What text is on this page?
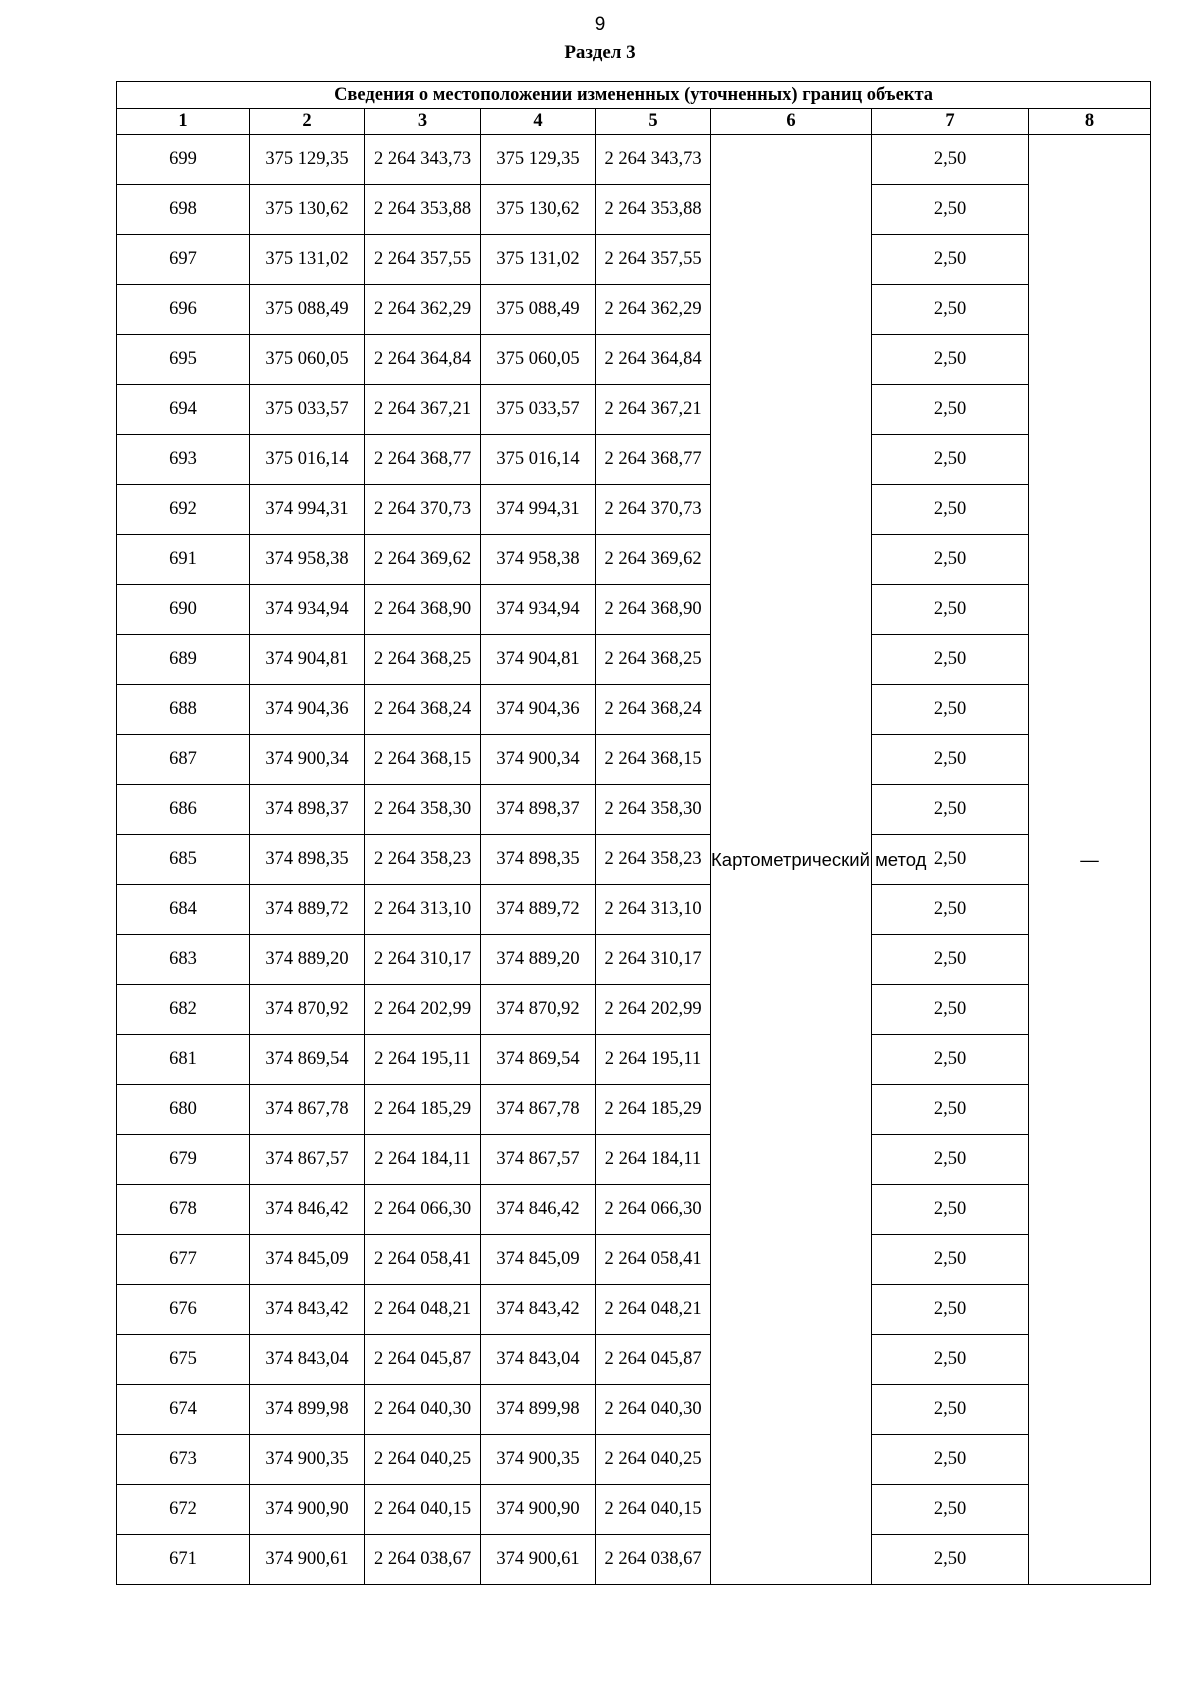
9
Раздел 3
Сведения о местоположении измененных (уточненных) границ объекта							
1	2	3	4	5	6	7	8
699	375 129,35	2 264 343,73	375 129,35	2 264 343,73	Картометрический метод	2,50	—
698	375 130,62	2 264 353,88	375 130,62	2 264 353,88		2,50	
697	375 131,02	2 264 357,55	375 131,02	2 264 357,55		2,50	
696	375 088,49	2 264 362,29	375 088,49	2 264 362,29		2,50	
695	375 060,05	2 264 364,84	375 060,05	2 264 364,84		2,50	
694	375 033,57	2 264 367,21	375 033,57	2 264 367,21		2,50	
693	375 016,14	2 264 368,77	375 016,14	2 264 368,77		2,50	
692	374 994,31	2 264 370,73	374 994,31	2 264 370,73		2,50	
691	374 958,38	2 264 369,62	374 958,38	2 264 369,62		2,50	
690	374 934,94	2 264 368,90	374 934,94	2 264 368,90		2,50	
689	374 904,81	2 264 368,25	374 904,81	2 264 368,25		2,50	
688	374 904,36	2 264 368,24	374 904,36	2 264 368,24		2,50	
687	374 900,34	2 264 368,15	374 900,34	2 264 368,15		2,50	
686	374 898,37	2 264 358,30	374 898,37	2 264 358,30		2,50	
685	374 898,35	2 264 358,23	374 898,35	2 264 358,23		2,50	
684	374 889,72	2 264 313,10	374 889,72	2 264 313,10		2,50	
683	374 889,20	2 264 310,17	374 889,20	2 264 310,17		2,50	
682	374 870,92	2 264 202,99	374 870,92	2 264 202,99		2,50	
681	374 869,54	2 264 195,11	374 869,54	2 264 195,11		2,50	
680	374 867,78	2 264 185,29	374 867,78	2 264 185,29		2,50	
679	374 867,57	2 264 184,11	374 867,57	2 264 184,11		2,50	
678	374 846,42	2 264 066,30	374 846,42	2 264 066,30		2,50	
677	374 845,09	2 264 058,41	374 845,09	2 264 058,41		2,50	
676	374 843,42	2 264 048,21	374 843,42	2 264 048,21		2,50	
675	374 843,04	2 264 045,87	374 843,04	2 264 045,87		2,50	
674	374 899,98	2 264 040,30	374 899,98	2 264 040,30		2,50	
673	374 900,35	2 264 040,25	374 900,35	2 264 040,25		2,50	
672	374 900,90	2 264 040,15	374 900,90	2 264 040,15		2,50	
671	374 900,61	2 264 038,67	374 900,61	2 264 038,67		2,50	
